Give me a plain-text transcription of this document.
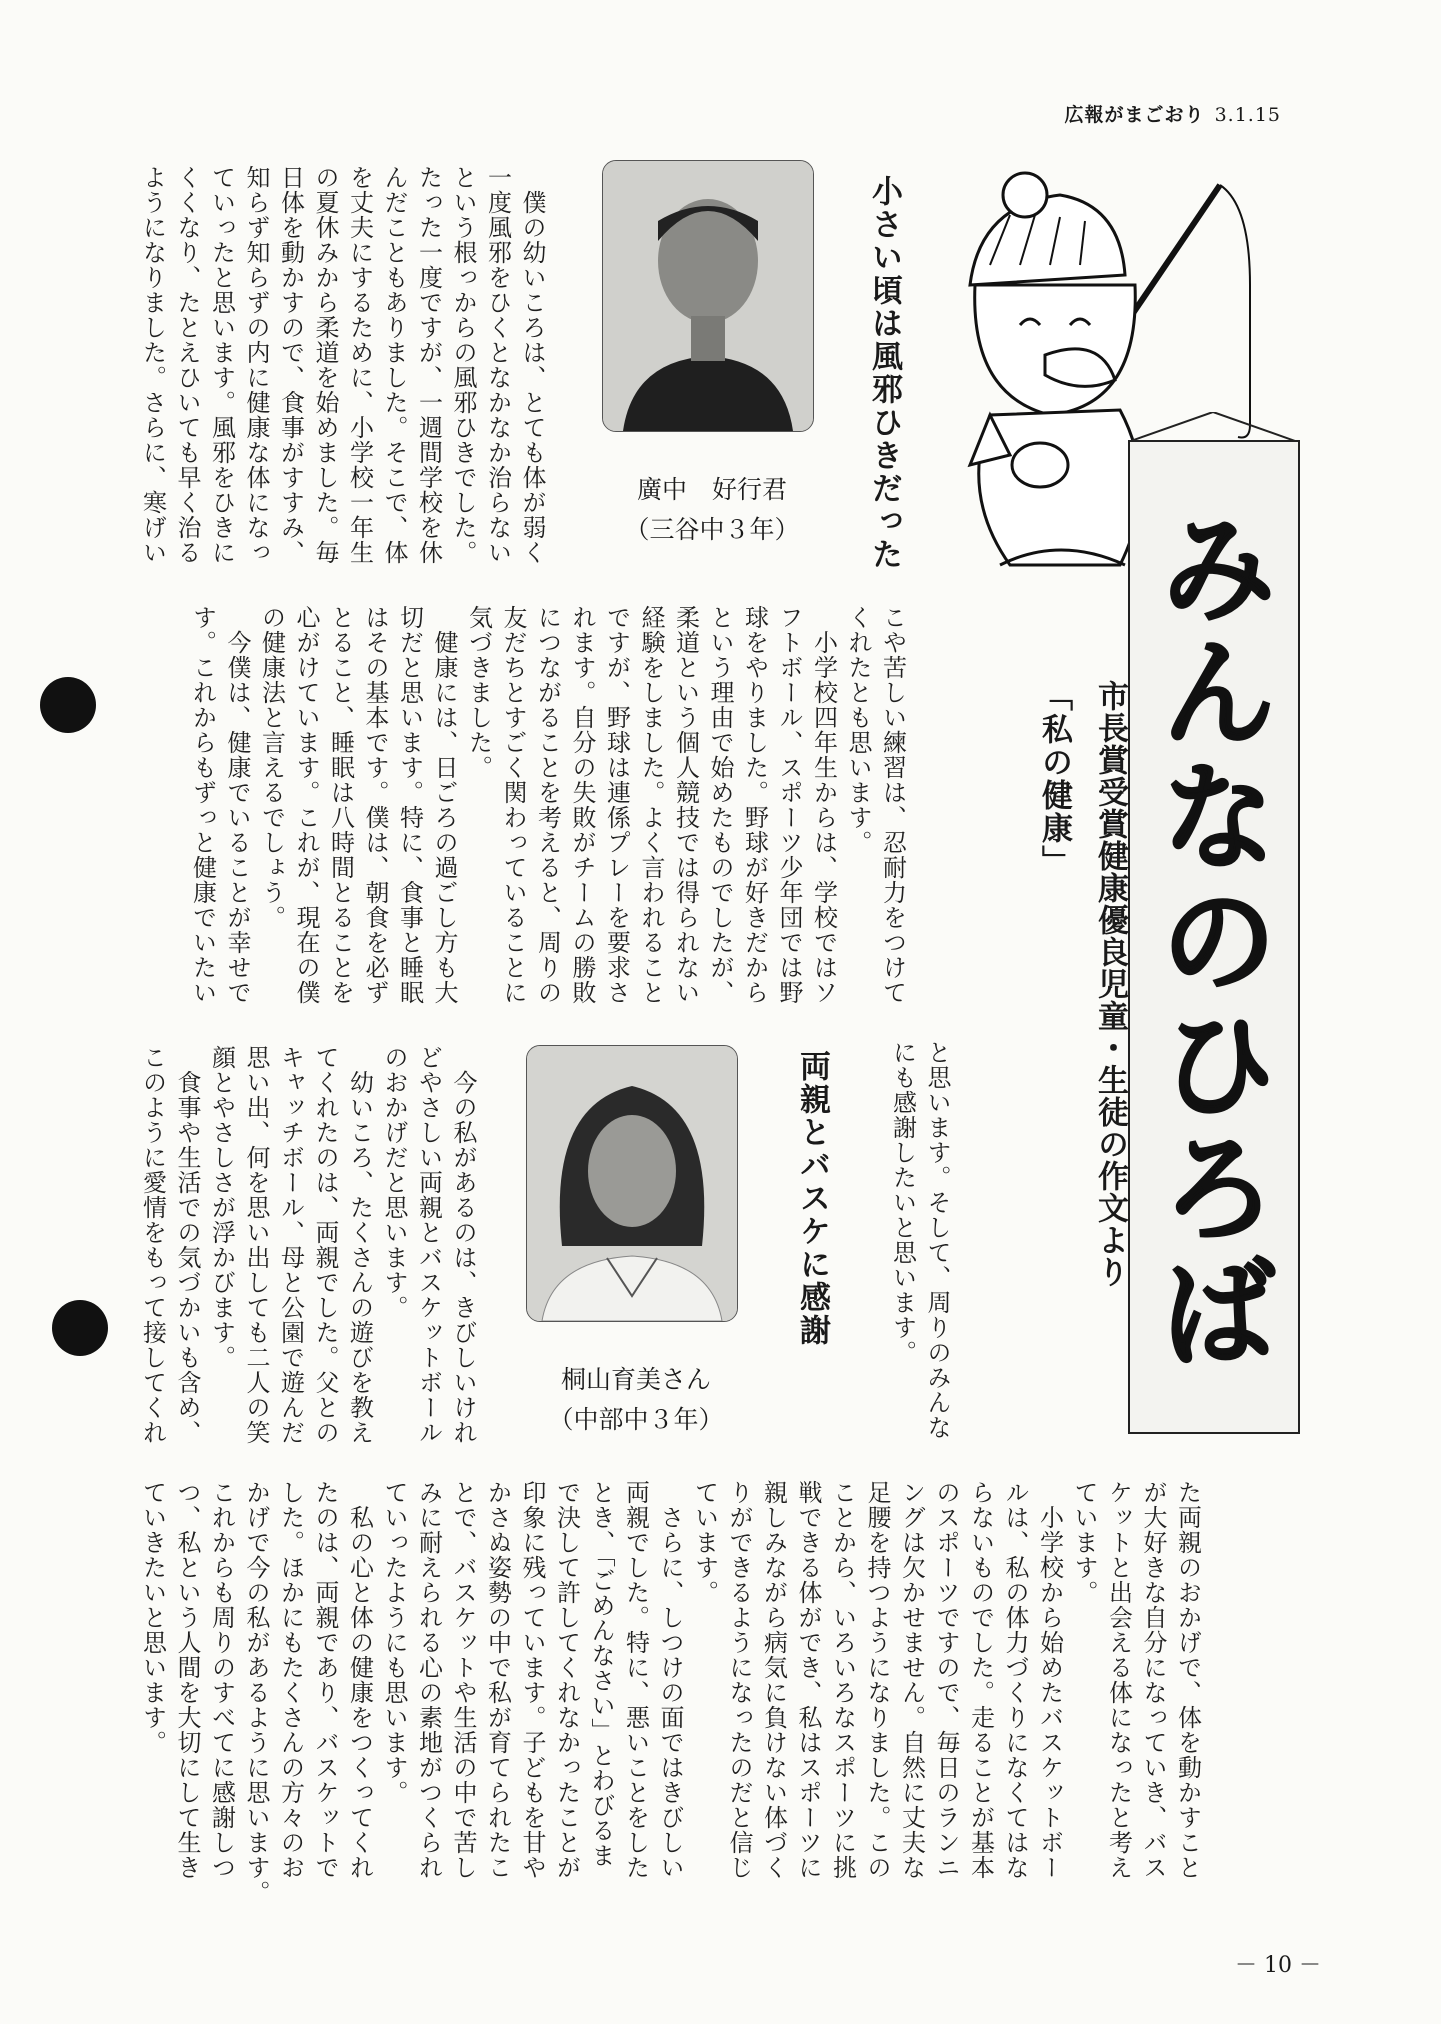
広報がまごおり 3.1.15
みんなのひろば
「私の健康」 市長賞受賞健康優良児童・生徒の作文より
小さい頃は風邪ひきだった
廣中　好行君
（三谷中３年）
　僕の幼いころは、とても体が弱く
一度風邪をひくとなかなか治らない
という根っからの風邪ひきでした。
たった一度ですが、一週間学校を休
んだこともありました。そこで、体
を丈夫にするために、小学校一年生
の夏休みから柔道を始めました。毎
日体を動かすので、食事がすすみ、
知らず知らずの内に健康な体になっ
ていったと思います。風邪をひきに
くくなり、たとえひいても早く治る
ようになりました。さらに、寒げい
こや苦しい練習は、忍耐力をつけて
くれたとも思います。
　小学校四年生からは、学校ではソ
フトボール、スポーツ少年団では野
球をやりました。野球が好きだから
という理由で始めたものでしたが、
柔道という個人競技では得られない
経験をしました。よく言われること
ですが、野球は連係プレーを要求さ
れます。自分の失敗がチームの勝敗
につながることを考えると、周りの
友だちとすごく関わっていることに
気づきました。
　健康には、日ごろの過ごし方も大
切だと思います。特に、食事と睡眠
はその基本です。僕は、朝食を必ず
とること、睡眠は八時間とることを
心がけています。これが、現在の僕
の健康法と言えるでしょう。
　今僕は、健康でいることが幸せで
す。これからもずっと健康でいたい
と思います。そして、周りのみんな
にも感謝したいと思います。
両親とバスケに感謝
桐山育美さん
（中部中３年）
　今の私があるのは、きびしいけれ
どやさしい両親とバスケットボール
のおかげだと思います。
　幼いころ、たくさんの遊びを教え
てくれたのは、両親でした。父との
キャッチボール、母と公園で遊んだ
思い出、何を思い出しても二人の笑
顔とやさしさが浮かびます。
　食事や生活での気づかいも含め、
このように愛情をもって接してくれ
た両親のおかげで、体を動かすこと
が大好きな自分になっていき、バス
ケットと出会える体になったと考え
ています。
　小学校から始めたバスケットボー
ルは、私の体力づくりになくてはな
らないものでした。走ることが基本
のスポーツですので、毎日のランニ
ングは欠かせません。自然に丈夫な
足腰を持つようになりました。この
ことから、いろいろなスポーツに挑
戦できる体ができ、私はスポーツに
親しみながら病気に負けない体づく
りができるようになったのだと信じ
ています。
　さらに、しつけの面ではきびしい
両親でした。特に、悪いことをした
とき、「ごめんなさい」とわびるま
で決して許してくれなかったことが
印象に残っています。子どもを甘や
かさぬ姿勢の中で私が育てられたこ
とで、バスケットや生活の中で苦し
みに耐えられる心の素地がつくられ
ていったようにも思います。
　私の心と体の健康をつくってくれ
たのは、両親であり、バスケットで
した。ほかにもたくさんの方々のお
かげで今の私があるように思います。
これからも周りのすべてに感謝しつ
つ、私という人間を大切にして生き
ていきたいと思います。
－ 10 －
